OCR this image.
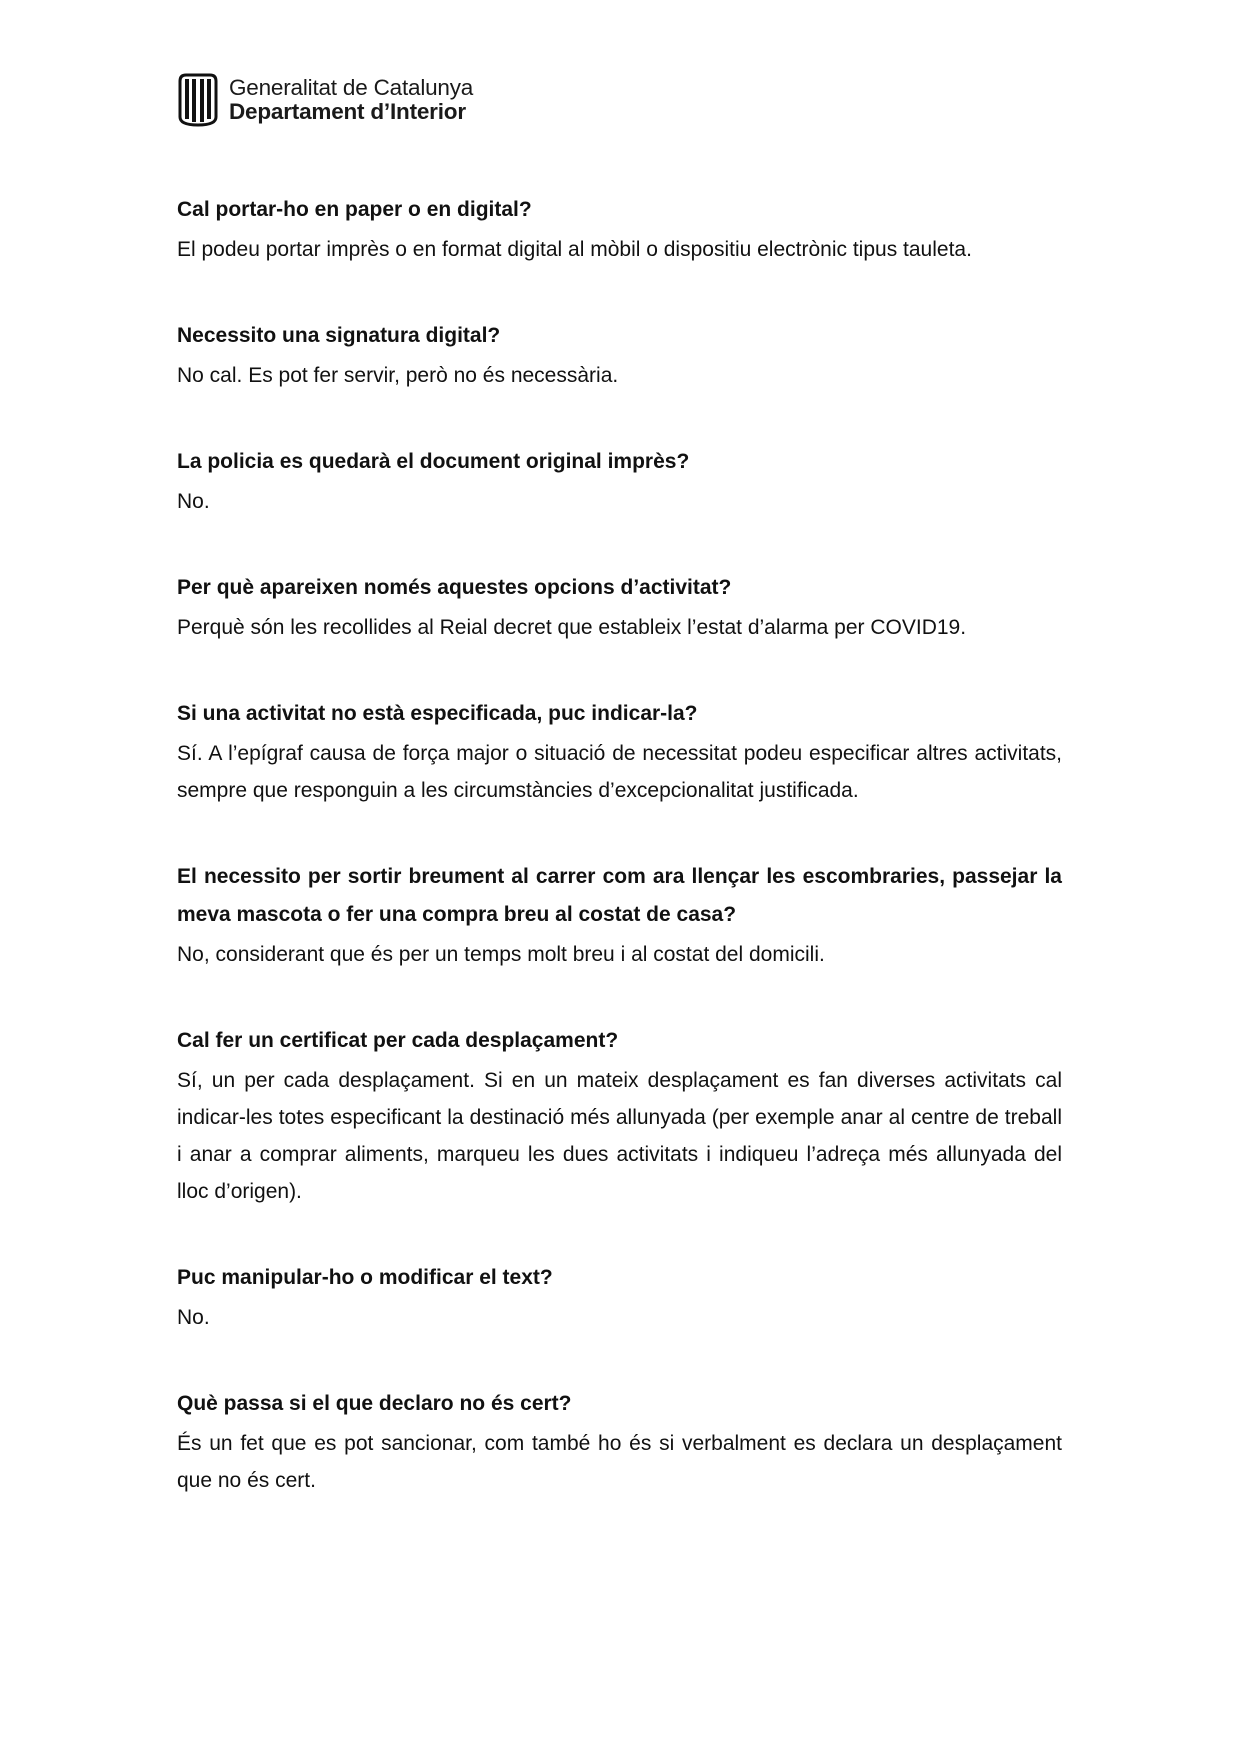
Generalitat de Catalunya
Departament d’Interior

Cal portar-ho en paper o en digital?

El podeu portar imprès o en format digital al mòbil o dispositiu electrònic tipus tauleta.

Necessito una signatura digital?

No cal. Es pot fer servir, però no és necessària.

La policia es quedarà el document original imprès?

No.

Per què apareixen només aquestes opcions d’activitat?

Perquè són les recollides al Reial decret que estableix l’estat d’alarma per COVID19.

Si una activitat no està especificada, puc indicar-la?

Sí. A l’epígraf causa de força major o situació de necessitat podeu especificar altres activitats, sempre que responguin a les circumstàncies d’excepcionalitat justificada.

El necessito per sortir breument al carrer com ara llençar les escombraries, passejar la meva mascota o fer una compra breu al costat de casa?

No, considerant que és per un temps molt breu i al costat del domicili.

Cal fer un certificat per cada desplaçament?

Sí, un per cada desplaçament. Si en un mateix desplaçament es fan diverses activitats cal indicar-les totes especificant la destinació més allunyada (per exemple anar al centre de treball i anar a comprar aliments, marqueu les dues activitats i indiqueu l’adreça més allunyada del lloc d’origen).

Puc manipular-ho o modificar el text?

No.

Què passa si el que declaro no és cert?

És un fet que es pot sancionar, com també ho és si verbalment es declara un desplaçament que no és cert.
